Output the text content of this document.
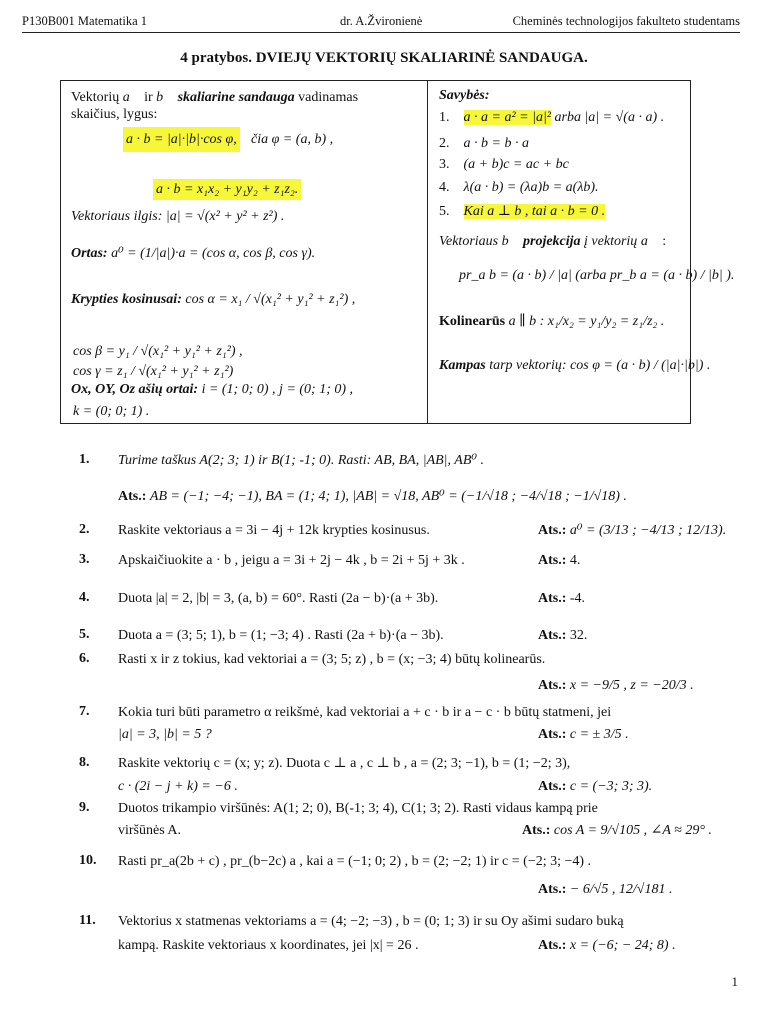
P130B001 Matematika 1	dr. A.Žvironienė	Cheminės technologijos fakulteto studentams
4 pratybos. DVIEJŲ VEKTORIŲ SKALIARINĖ SANDAUGA.
Vektorių a⃗ ir b⃗ skaliarine sandauga vadinamas
skaičius, lygus:
a · b = |a|·|b|·cos φ, čia φ = (a, b) ,
a · b = x₁x₂ + y₁y₂ + z₁z₂.
Vektoriaus ilgis: |a| = √(x² + y² + z²) .
Ortas: a⁰ = (1/|a|)·a = (cos α, cos β, cos γ).
Krypties kosinusai: cos α = x₁ / √(x₁² + y₁² + z₁²) ,
cos β = y₁ / √(x₁² + y₁² + z₁²) ,
cos γ = z₁ / √(x₁² + y₁² + z₁²)
Ox, OY, Oz ašių ortai: i = (1; 0; 0) , j = (0; 1; 0) ,
k = (0; 0; 1) .
Savybės:
1. a · a = a² = |a|² arba |a| = √(a · a) .
2. a · b = b · a
3. (a + b)c = ac + bc
4. λ(a · b) = (λa)b = a(λb).
5. Kai a ⊥ b , tai a · b = 0 .
Vektoriaus b⃗ projekcija į vektorių a⃗ :
pr_a b = (a · b) / |a| (arba pr_b a = (a · b) / |b| ).
Kolinearūs a ∥ b : x₁/x₂ = y₁/y₂ = z₁/z₂ .
Kampas tarp vektorių: cos φ = (a · b) / (|a|·|b|) .
1. Turime taškus A(2; 3; 1) ir B(1; -1; 0). Rasti: AB, BA, |AB|, AB⁰ .
Ats.: AB = (−1; −4; −1), BA = (1; 4; 1), |AB| = √18, AB⁰ = (−1/√18 ; −4/√18 ; −1/√18) .
2. Raskite vektoriaus a = 3i − 4j + 12k krypties kosinusus.	Ats.: a⁰ = (3/13 ; −4/13 ; 12/13).
3. Apskaičiuokite a · b , jeigu a = 3i + 2j − 4k , b = 2i + 5j + 3k .	Ats.: 4.
4. Duota |a| = 2, |b| = 3, (a, b) = 60°. Rasti (2a − b)·(a + 3b).	Ats.: -4.
5. Duota a = (3; 5; 1), b = (1; −3; 4) . Rasti (2a + b)·(a − 3b).	Ats.: 32.
6. Rasti x ir z tokius, kad vektoriai a = (3; 5; z) , b = (x; −3; 4) būtų kolinearūs.
Ats.: x = −9/5 , z = −20/3 .
7. Kokia turi būti parametro α reikšmė, kad vektoriai a + c · b ir a − c · b būtų statmeni, jei
|a| = 3, |b| = 5 ?	Ats.: c = ± 3/5 .
8. Raskite vektorių c = (x; y; z). Duota c ⊥ a , c ⊥ b , a = (2; 3; −1), b = (1; −2; 3),
c · (2i − j + k) = −6 .	Ats.: c = (−3; 3; 3).
9. Duotos trikampio viršūnės: A(1; 2; 0), B(-1; 3; 4), C(1; 3; 2). Rasti vidaus kampą prie
viršūnės A.	Ats.: cos A = 9/√105 , ∠A ≈ 29° .
10. Rasti pr_a(2b + c) , pr_(b−2c) a , kai a = (−1; 0; 2) , b = (2; −2; 1) ir c = (−2; 3; −4) .
Ats.: − 6/√5 , 12/√181 .
11. Vektorius x statmenas vektoriams a = (4; −2; −3) , b = (0; 1; 3) ir su Oy ašimi sudaro buką
kampą. Raskite vektoriaus x koordinates, jei |x| = 26 .	Ats.: x = (−6; − 24; 8) .
1
